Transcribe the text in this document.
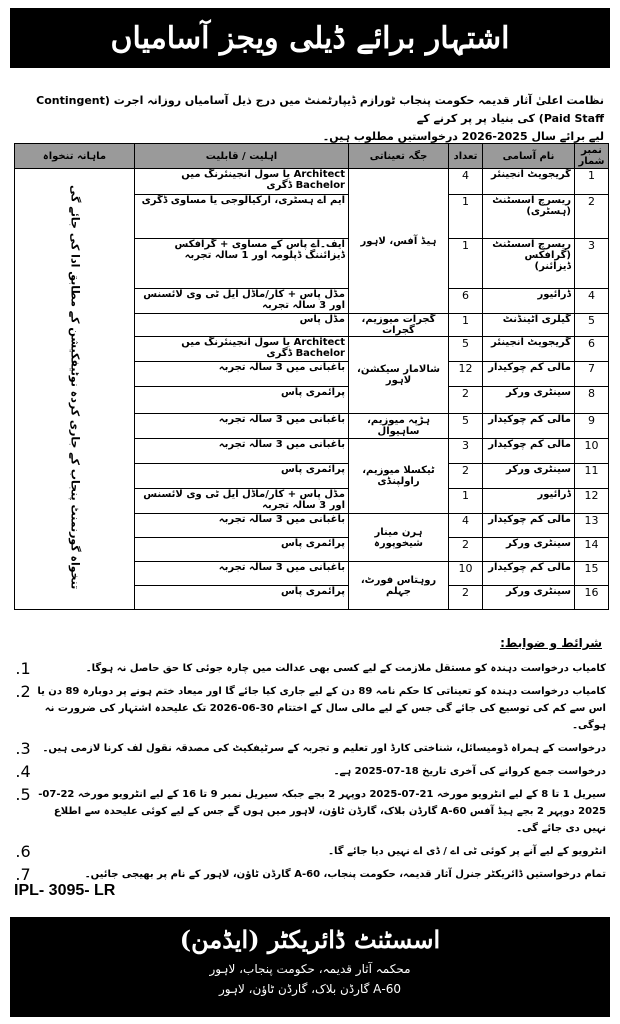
اشتہار برائے ڈیلی ویجز آسامیاں
نظامت اعلیٰ آثار قدیمہ حکومت پنجاب ٹورازم ڈیپارٹمنٹ میں درج ذیل آسامیاں روزانہ اجرت (Contingent Paid Staff) کی بنیاد پر پر کرنے کے
لیے برائے سال 2025-2026 درخواستیں مطلوب ہیں۔
نمبر شمار	نام آسامی	تعداد	جگہ تعیناتی	اہلیت / قابلیت	ماہانہ تنخواہ
1	گریجویٹ انجینئر	4	ہیڈ آفس، لاہور	Architect یا سول انجینئرنگ میں Bachelor ڈگری	تنخواہ گورنمنٹ پنجاب کے جاری کردہ نوٹیفکیشن کے مطابق ادا کی جائے گی
2	ریسرچ اسسٹنٹ (ہسٹری)	1		ایم اے ہسٹری، آرکیالوجی یا مساوی ڈگری	
3	ریسرچ اسسٹنٹ (گرافکس ڈیزائنر)	1		ایف۔اے پاس کے مساوی + گرافکس ڈیزائننگ ڈپلومہ اور 1 سالہ تجربہ	
4	ڈرائیور	6		مڈل پاس + کار/ماڈل ایل ٹی وی لائسنس اور 3 سالہ تجربہ	
5	گیلری اٹینڈنٹ	1	گجرات میوزیم، گجرات	مڈل پاس	
6	گریجویٹ انجینئر	5	شالامار سیکشن، لاہور	Architect یا سول انجینئرنگ میں Bachelor ڈگری	
7	مالی کم چوکیدار	12		باغبانی میں 3 سالہ تجربہ	
8	سینٹری ورکر	2		پرائمری پاس	
9	مالی کم چوکیدار	5	ہڑپہ میوزیم، ساہیوال	باغبانی میں 3 سالہ تجربہ	
10	مالی کم چوکیدار	3	ٹیکسلا میوزیم، راولپنڈی	باغبانی میں 3 سالہ تجربہ	
11	سینٹری ورکر	2		پرائمری پاس	
12	ڈرائیور	1		مڈل پاس + کار/ماڈل ایل ٹی وی لائسنس اور 3 سالہ تجربہ	
13	مالی کم چوکیدار	4	ہرن مینار شیخوپورہ	باغبانی میں 3 سالہ تجربہ	
14	سینٹری ورکر	2		پرائمری پاس	
15	مالی کم چوکیدار	10	روہتاس فورٹ، جہلم	باغبانی میں 3 سالہ تجربہ	
16	سینٹری ورکر	2		پرائمری پاس	
شرائط و ضوابط:
کامیاب درخواست دہندہ کو مستقل ملازمت کے لیے کسی بھی عدالت میں چارہ جوئی کا حق حاصل نہ ہوگا۔
1.
کامیاب درخواست دہندہ کو تعیناتی کا حکم نامہ 89 دن کے لیے جاری کیا جائے گا اور میعاد ختم ہونے پر دوبارہ 89 دن یا اس سے کم کی توسیع کی جائے گی جس کے لیے مالی سال کے اختتام 30-06-2026 تک علیحدہ اشتہار کی ضرورت نہ ہوگی۔
2.
درخواست کے ہمراہ ڈومیسائل، شناختی کارڈ اور تعلیم و تجربہ کے سرٹیفکیٹ کی مصدقہ نقول لف کرنا لازمی ہیں۔
3.
درخواست جمع کروانے کی آخری تاریخ 18-07-2025 ہے۔
4.
سیریل 1 تا 8 کے لیے انٹرویو مورخہ 21-07-2025 دوپہر 2 بجے جبکہ سیریل نمبر 9 تا 16 کے لیے انٹرویو مورخہ 22-07-2025 دوپہر 2 بجے ہیڈ آفس 60-A گارڈن بلاک، گارڈن ٹاؤن، لاہور میں ہوں گے جس کے لیے کوئی علیحدہ سے اطلاع نہیں دی جائے گی۔
5.
انٹرویو کے لیے آنے پر کوئی ٹی اے / ڈی اے نہیں دیا جائے گا۔
6.
تمام درخواستیں ڈائریکٹر جنرل آثار قدیمہ، حکومت پنجاب، 60-A گارڈن ٹاؤن، لاہور کے نام پر بھیجی جائیں۔
7.
IPL- 3095- LR
اسسٹنٹ ڈائریکٹر (ایڈمن)
محکمہ آثار قدیمہ، حکومت پنجاب، لاہور
60-A گارڈن بلاک، گارڈن ٹاؤن، لاہور
